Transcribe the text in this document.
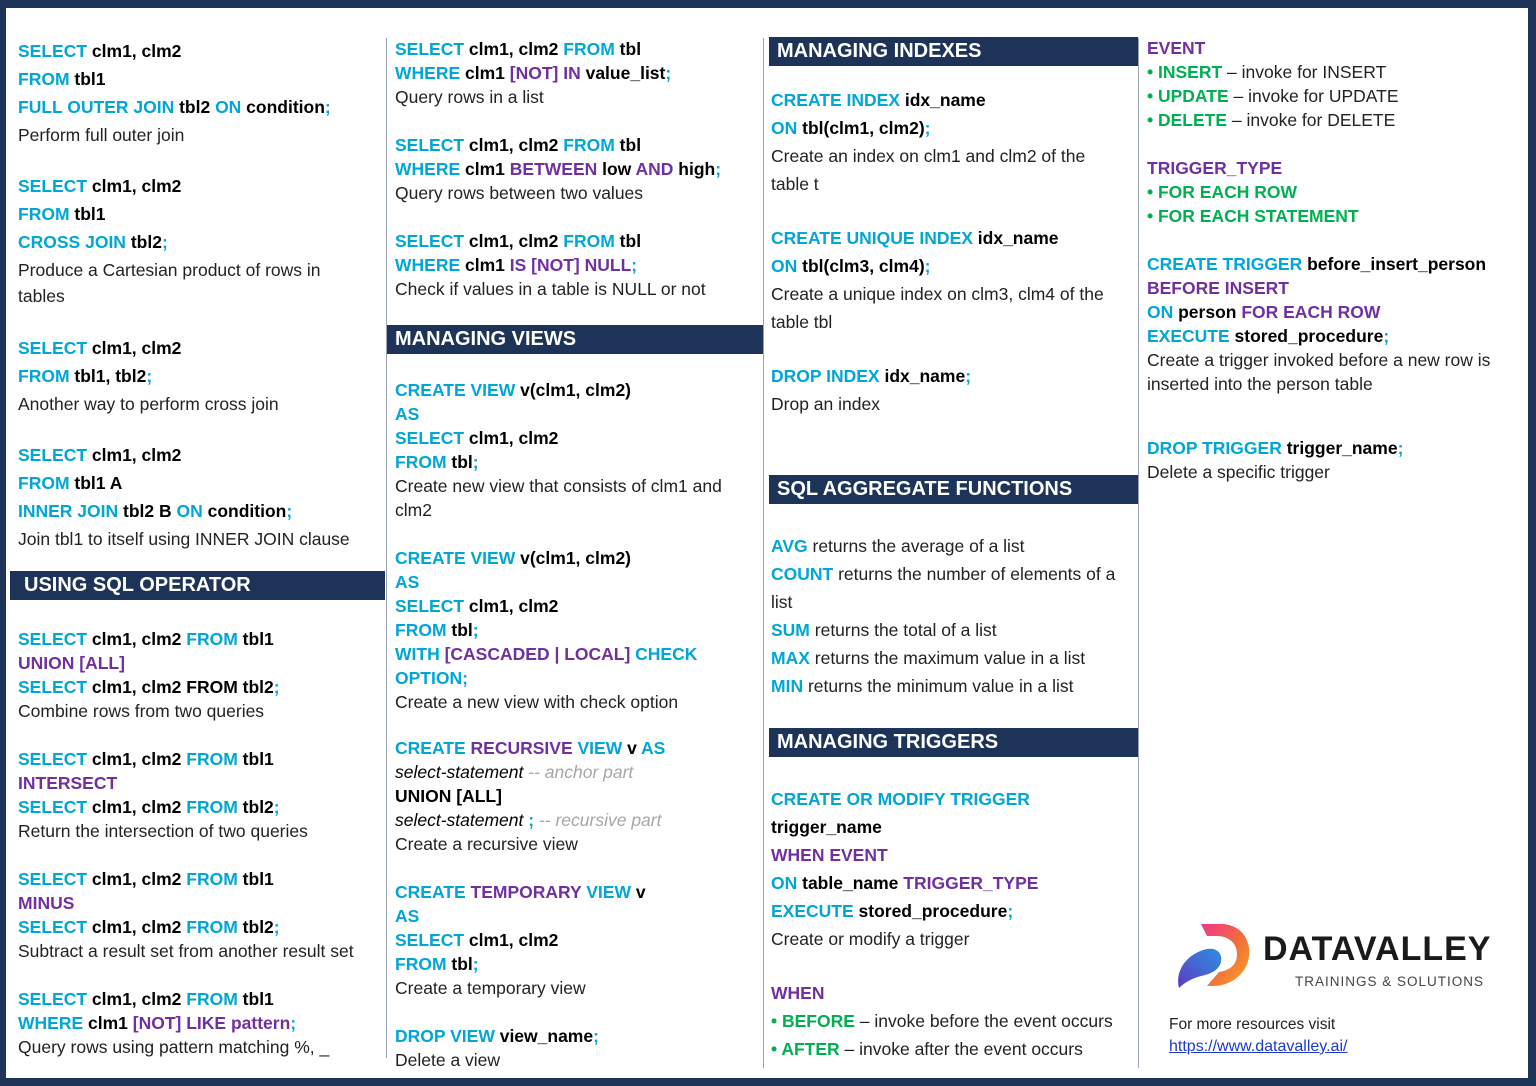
SELECT clm1, clm2
FROM tbl1
FULL OUTER JOIN tbl2 ON condition;
Perform full outer join
SELECT clm1, clm2
FROM tbl1
CROSS JOIN tbl2;
Produce a Cartesian product of rows in
tables
SELECT clm1, clm2
FROM tbl1, tbl2;
Another way to perform cross join
SELECT clm1, clm2
FROM tbl1 A
INNER JOIN tbl2 B ON condition;
Join tbl1 to itself using INNER JOIN clause
USING SQL OPERATOR
SELECT clm1, clm2 FROM tbl1
UNION [ALL]
SELECT clm1, clm2 FROM tbl2;
Combine rows from two queries
SELECT clm1, clm2 FROM tbl1
INTERSECT
SELECT clm1, clm2 FROM tbl2;
Return the intersection of two queries
SELECT clm1, clm2 FROM tbl1
MINUS
SELECT clm1, clm2 FROM tbl2;
Subtract a result set from another result set
SELECT clm1, clm2 FROM tbl1
WHERE clm1 [NOT] LIKE pattern;
Query rows using pattern matching %, _
SELECT clm1, clm2 FROM tbl
WHERE clm1 [NOT] IN value_list;
Query rows in a list
SELECT clm1, clm2 FROM tbl
WHERE clm1 BETWEEN low AND high;
Query rows between two values
SELECT clm1, clm2 FROM tbl
WHERE clm1 IS [NOT] NULL;
Check if values in a table is NULL or not
MANAGING VIEWS
CREATE VIEW v(clm1, clm2)
AS
SELECT clm1, clm2
FROM tbl;
Create new view that consists of clm1 and
clm2
CREATE VIEW v(clm1, clm2)
AS
SELECT clm1, clm2
FROM tbl;
WITH [CASCADED | LOCAL] CHECK
OPTION;
Create a new view with check option
CREATE RECURSIVE VIEW v AS
select-statement -- anchor part
UNION [ALL]
select-statement ; -- recursive part
Create a recursive view
CREATE TEMPORARY VIEW v
AS
SELECT clm1, clm2
FROM tbl;
Create a temporary view
DROP VIEW view_name;
Delete a view
MANAGING INDEXES
CREATE INDEX idx_name
ON tbl(clm1, clm2);
Create an index on clm1 and clm2 of the
table t
CREATE UNIQUE INDEX idx_name
ON tbl(clm3, clm4);
Create a unique index on clm3, clm4 of the
table tbl
DROP INDEX idx_name;
Drop an index
SQL AGGREGATE FUNCTIONS
AVG returns the average of a list
COUNT returns the number of elements of a
list
SUM returns the total of a list
MAX returns the maximum value in a list
MIN returns the minimum value in a list
MANAGING TRIGGERS
CREATE OR MODIFY TRIGGER
trigger_name
WHEN EVENT
ON table_name TRIGGER_TYPE
EXECUTE stored_procedure;
Create or modify a trigger
WHEN
• BEFORE – invoke before the event occurs
• AFTER – invoke after the event occurs
EVENT
• INSERT – invoke for INSERT
• UPDATE – invoke for UPDATE
• DELETE – invoke for DELETE
TRIGGER_TYPE
• FOR EACH ROW
• FOR EACH STATEMENT
CREATE TRIGGER before_insert_person
BEFORE INSERT
ON person FOR EACH ROW
EXECUTE stored_procedure;
Create a trigger invoked before a new row is
inserted into the person table
DROP TRIGGER trigger_name;
Delete a specific trigger
DATAVALLEY
TRAININGS & SOLUTIONS
For more resources visit
https://www.datavalley.ai/
